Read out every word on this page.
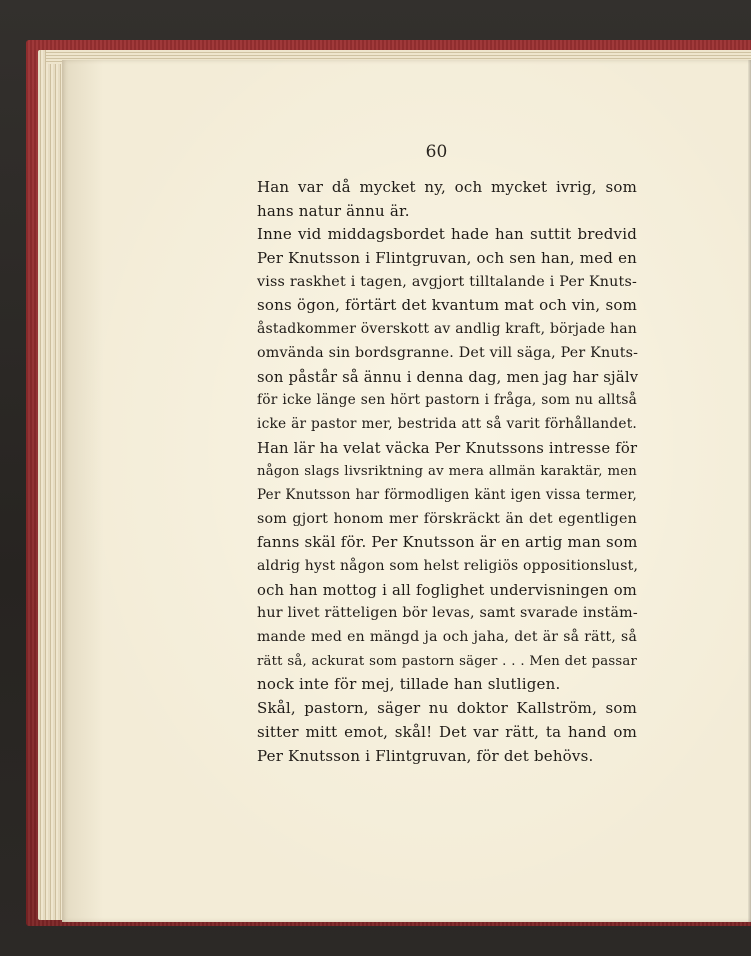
60
Han var då mycket ny, och mycket ivrig, som
hans natur ännu är.
Inne vid middagsbordet hade han suttit bredvid
Per Knutsson i Flintgruvan, och sen han, med en
viss raskhet i tagen, avgjort tilltalande i Per Knuts-
sons ögon, förtärt det kvantum mat och vin, som
åstadkommer överskott av andlig kraft, började han
omvända sin bordsgranne. Det vill säga, Per Knuts-
son påstår så ännu i denna dag, men jag har själv
för icke länge sen hört pastorn i fråga, som nu alltså
icke är pastor mer, bestrida att så varit förhållandet.
Han lär ha velat väcka Per Knutssons intresse för
någon slags livsriktning av mera allmän karaktär, men
Per Knutsson har förmodligen känt igen vissa termer,
som gjort honom mer förskräckt än det egentligen
fanns skäl för. Per Knutsson är en artig man som
aldrig hyst någon som helst religiös oppositionslust,
och han mottog i all foglighet undervisningen om
hur livet rätteligen bör levas, samt svarade instäm-
mande med en mängd ja och jaha, det är så rätt, så
rätt så, ackurat som pastorn säger . . . Men det passar
nock inte för mej, tillade han slutligen.
Skål, pastorn, säger nu doktor Kallström, som
sitter mitt emot, skål! Det var rätt, ta hand om
Per Knutsson i Flintgruvan, för det behövs.
